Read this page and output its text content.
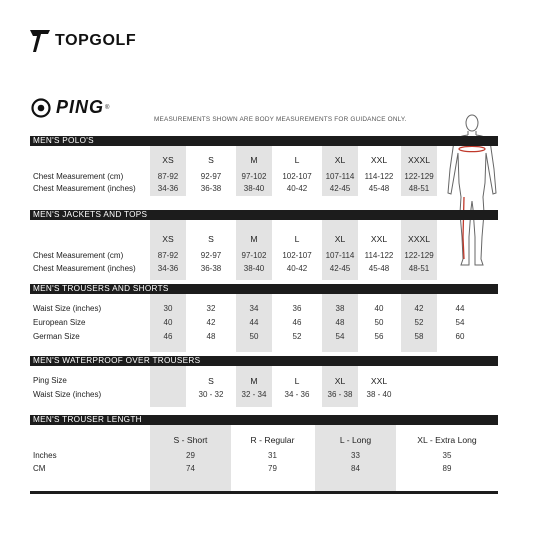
TOPGOLF
PING ®
MEASUREMENTS SHOWN ARE BODY MEASUREMENTS FOR GUIDANCE ONLY.
MEN'S POLO'S
XS	S	M	L	XL	XXL	XXXL
Chest Measurement (cm)	87-92	92-97	97-102	102-107	107-114	114-122	122-129
Chest Measurement (inches)	34-36	36-38	38-40	40-42	42-45	45-48	48-51
MEN'S JACKETS AND TOPS
XS	S	M	L	XL	XXL	XXXL
Chest Measurement (cm)	87-92	92-97	97-102	102-107	107-114	114-122	122-129
Chest Measurement (inches)	34-36	36-38	38-40	40-42	42-45	45-48	48-51
MEN'S TROUSERS AND SHORTS
Waist Size (inches)	30	32	34	36	38	40	42	44
European Size	40	42	44	46	48	50	52	54
German Size	46	48	50	52	54	56	58	60
MEN'S WATERPROOF OVER TROUSERS
Ping Size	S	M	L	XL	XXL
Waist Size (inches)	30 - 32	32 - 34	34 - 36	36 - 38	38 - 40
MEN'S TROUSER LENGTH
S - Short	R - Regular	L - Long	XL - Extra Long
Inches	29	31	33	35
CM	74	79	84	89
